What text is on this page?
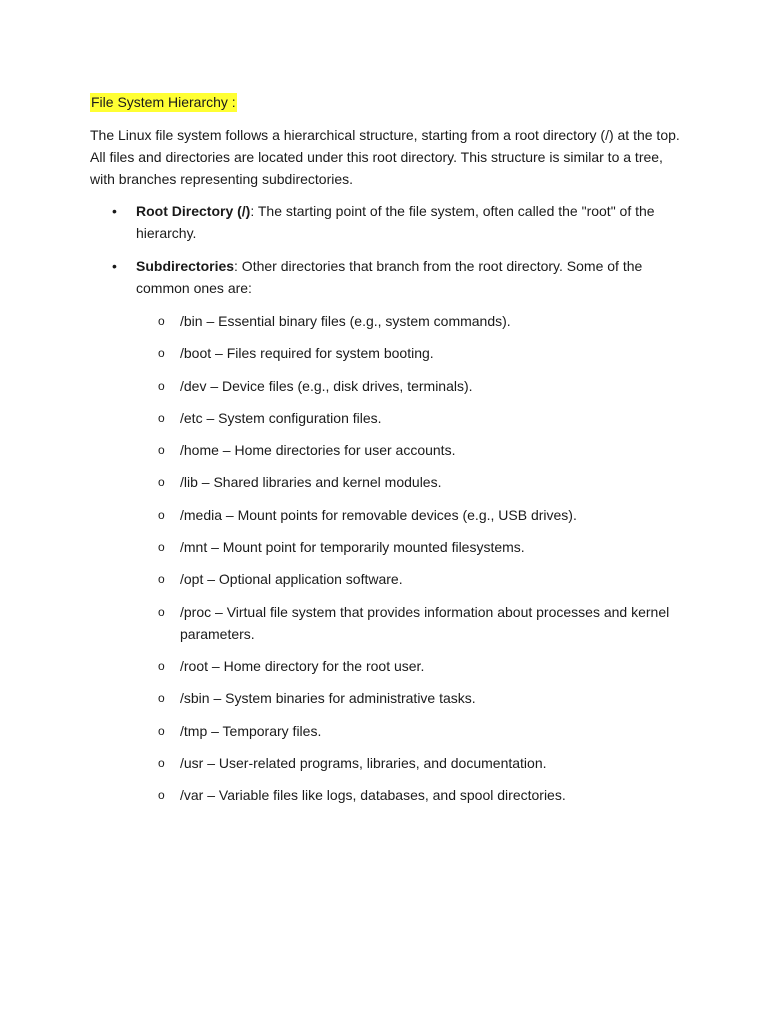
File System Hierarchy :

The Linux file system follows a hierarchical structure, starting from a root directory (/) at the top. All files and directories are located under this root directory. This structure is similar to a tree, with branches representing subdirectories.

• Root Directory (/): The starting point of the file system, often called the "root" of the hierarchy.
• Subdirectories: Other directories that branch from the root directory. Some of the common ones are:
o	/bin – Essential binary files (e.g., system commands).
o	/boot – Files required for system booting.
o	/dev – Device files (e.g., disk drives, terminals).
o	/etc – System configuration files.
o	/home – Home directories for user accounts.
o	/lib – Shared libraries and kernel modules.
o	/media – Mount points for removable devices (e.g., USB drives).
o	/mnt – Mount point for temporarily mounted filesystems.
o	/opt – Optional application software.
o	/proc – Virtual file system that provides information about processes and kernel parameters.
o	/root – Home directory for the root user.
o	/sbin – System binaries for administrative tasks.
o	/tmp – Temporary files.
o	/usr – User-related programs, libraries, and documentation.
o	/var – Variable files like logs, databases, and spool directories.
